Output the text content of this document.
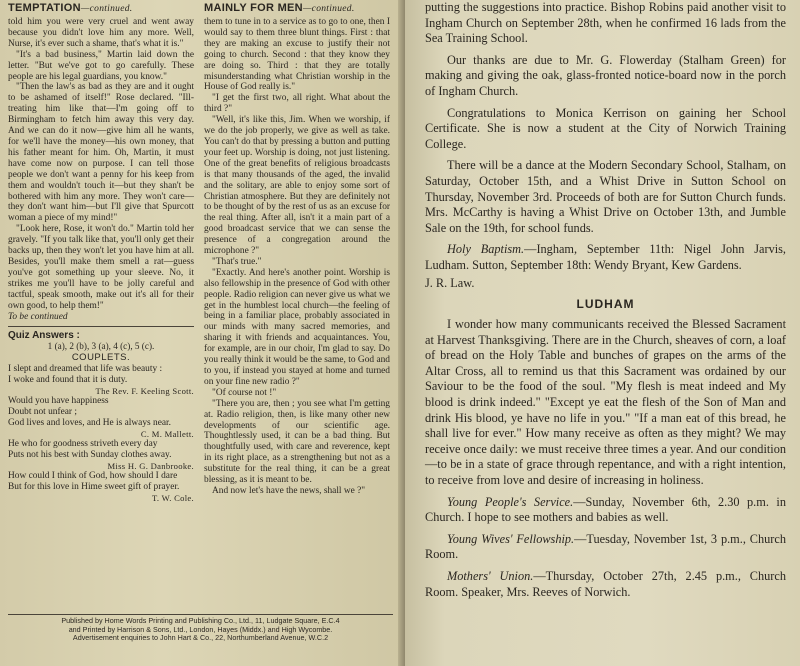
TEMPTATION—continued.

told him you were very cruel and went away because you didn't love him any more. Well, Nurse, it's ever such a shame, that's what it is."

"It's a bad business," Martin laid down the letter. "But we've got to go carefully. These people are his legal guardians, you know."

"Then the law's as bad as they are and it ought to be ashamed of itself!" Rose declared. "Ill-treating him like that—I'm going off to Birmingham to fetch him away this very day. And we can do it now—give him all he wants, for we'll have the money—his own money, that his father meant for him. Oh, Martin, it must have come now on purpose. I can tell those people we don't want a penny for his keep from them and wouldn't touch it—but they shan't be bothered with him any more. They won't care—they don't want him—but I'll give that Spurcott woman a piece of my mind!"

"Look here, Rose, it won't do." Martin told her gravely. "If you talk like that, you'll only get their backs up, then they won't let you have him at all. Besides, you'll make them smell a rat—guess you've got something up your sleeve. No, it strikes me you'll have to be jolly careful and tactful, speak smooth, make out it's all for their own good, to help them!"

To be continued

Quiz Answers :
1 (a), 2 (b), 3 (a), 4 (c), 5 (c).
COUPLETS.

I slept and dreamed that life was beauty :

I woke and found that it is duty.

The Rev. F. Keeling Scott.

Would you have happiness

Doubt not unfear ;

God lives and loves, and He is always near.

C. M. Mallett.

He who for goodness striveth every day

Puts not his best with Sunday clothes away.

Miss H. G. Danbrooke.

How could I think of God, how should I dare

But for this love in Hime sweet gift of prayer.

T. W. Cole.
MAINLY FOR MEN—continued.

them to tune in to a service as to go to one, then I would say to them three blunt things. First : that they are making an excuse to justify their not going to church. Second : that they know they are doing so. Third : that they are totally misunderstanding what Christian worship in the House of God really is."

"I get the first two, all right. What about the third ?"

"Well, it's like this, Jim. When we worship, if we do the job properly, we give as well as take. You can't do that by pressing a button and putting your feet up. Worship is doing, not just listening. One of the great benefits of religious broadcasts is that many thousands of the aged, the invalid and the solitary, are able to enjoy some sort of Christian atmosphere. But they are definitely not to be thought of by the rest of us as an excuse for the real thing. After all, isn't it a main part of a good broadcast service that we can sense the presence of a congregation around the microphone ?"

"That's true."

"Exactly. And here's another point. Worship is also fellowship in the presence of God with other people. Radio religion can never give us what we get in the humblest local church—the feeling of being in a familiar place, probably associated in our minds with many sacred memories, and sharing it with friends and acquaintances. You, for example, are in our choir, I'm glad to say. Do you really think it would be the same, to God and to you, if instead you stayed at home and turned on your fine new radio ?"

"Of course not !"

"There you are, then ; you see what I'm getting at. Radio religion, then, is like many other new developments of our scientific age. Thoughtlessly used, it can be a bad thing. But thoughtfully used, with care and reverence, kept in its right place, as a strengthening but not as a substitute for the real thing, it can be a great blessing, as it is meant to be.

And now let's have the news, shall we ?"

Published by Home Words Printing and Publishing Co., Ltd., 11, Ludgate Square, E.C.4
and Printed by Harrison & Sons, Ltd., London, Hayes (Middx.) and High Wycombe.
Advertisement enquiries to John Hart & Co., 22, Northumberland Avenue, W.C.2

putting the suggestions into practice. Bishop Robins paid another visit to Ingham Church on September 28th, when he confirmed 16 lads from the Sea Training School.

Our thanks are due to Mr. G. Flowerday (Stalham Green) for making and giving the oak, glass-fronted notice-board now in the porch of Ingham Church.

Congratulations to Monica Kerrison on gaining her School Certificate. She is now a student at the City of Norwich Training College.

There will be a dance at the Modern Secondary School, Stalham, on Saturday, October 15th, and a Whist Drive in Sutton School on Thursday, November 3rd. Proceeds of both are for Sutton Church funds. Mrs. McCarthy is having a Whist Drive on October 13th, and Jumble Sale on the 19th, for school funds.

Holy Baptism.—Ingham, September 11th: Nigel John Jarvis, Ludham. Sutton, September 18th: Wendy Bryant, Kew Gardens.

J. R. Law.

LUDHAM

I wonder how many communicants received the Blessed Sacrament at Harvest Thanksgiving. There are in the Church, sheaves of corn, a loaf of bread on the Holy Table and bunches of grapes on the arms of the Altar Cross, all to remind us that this Sacrament was ordained by our Saviour to be the food of the soul. "My flesh is meat indeed and My blood is drink indeed." "Except ye eat the flesh of the Son of Man and drink His blood, ye have no life in you." "If a man eat of this bread, he shall live for ever." How many receive as often as they might? We may receive once daily: we must receive three times a year. And our condition—to be in a state of grace through repentance, and with a right intention, to receive from love and desire of increasing in holiness.

Young People's Service.—Sunday, November 6th, 2.30 p.m. in Church. I hope to see mothers and babies as well.

Young Wives' Fellowship.—Tuesday, November 1st, 3 p.m., Church Room.

Mothers' Union.—Thursday, October 27th, 2.45 p.m., Church Room. Speaker, Mrs. Reeves of Norwich.
